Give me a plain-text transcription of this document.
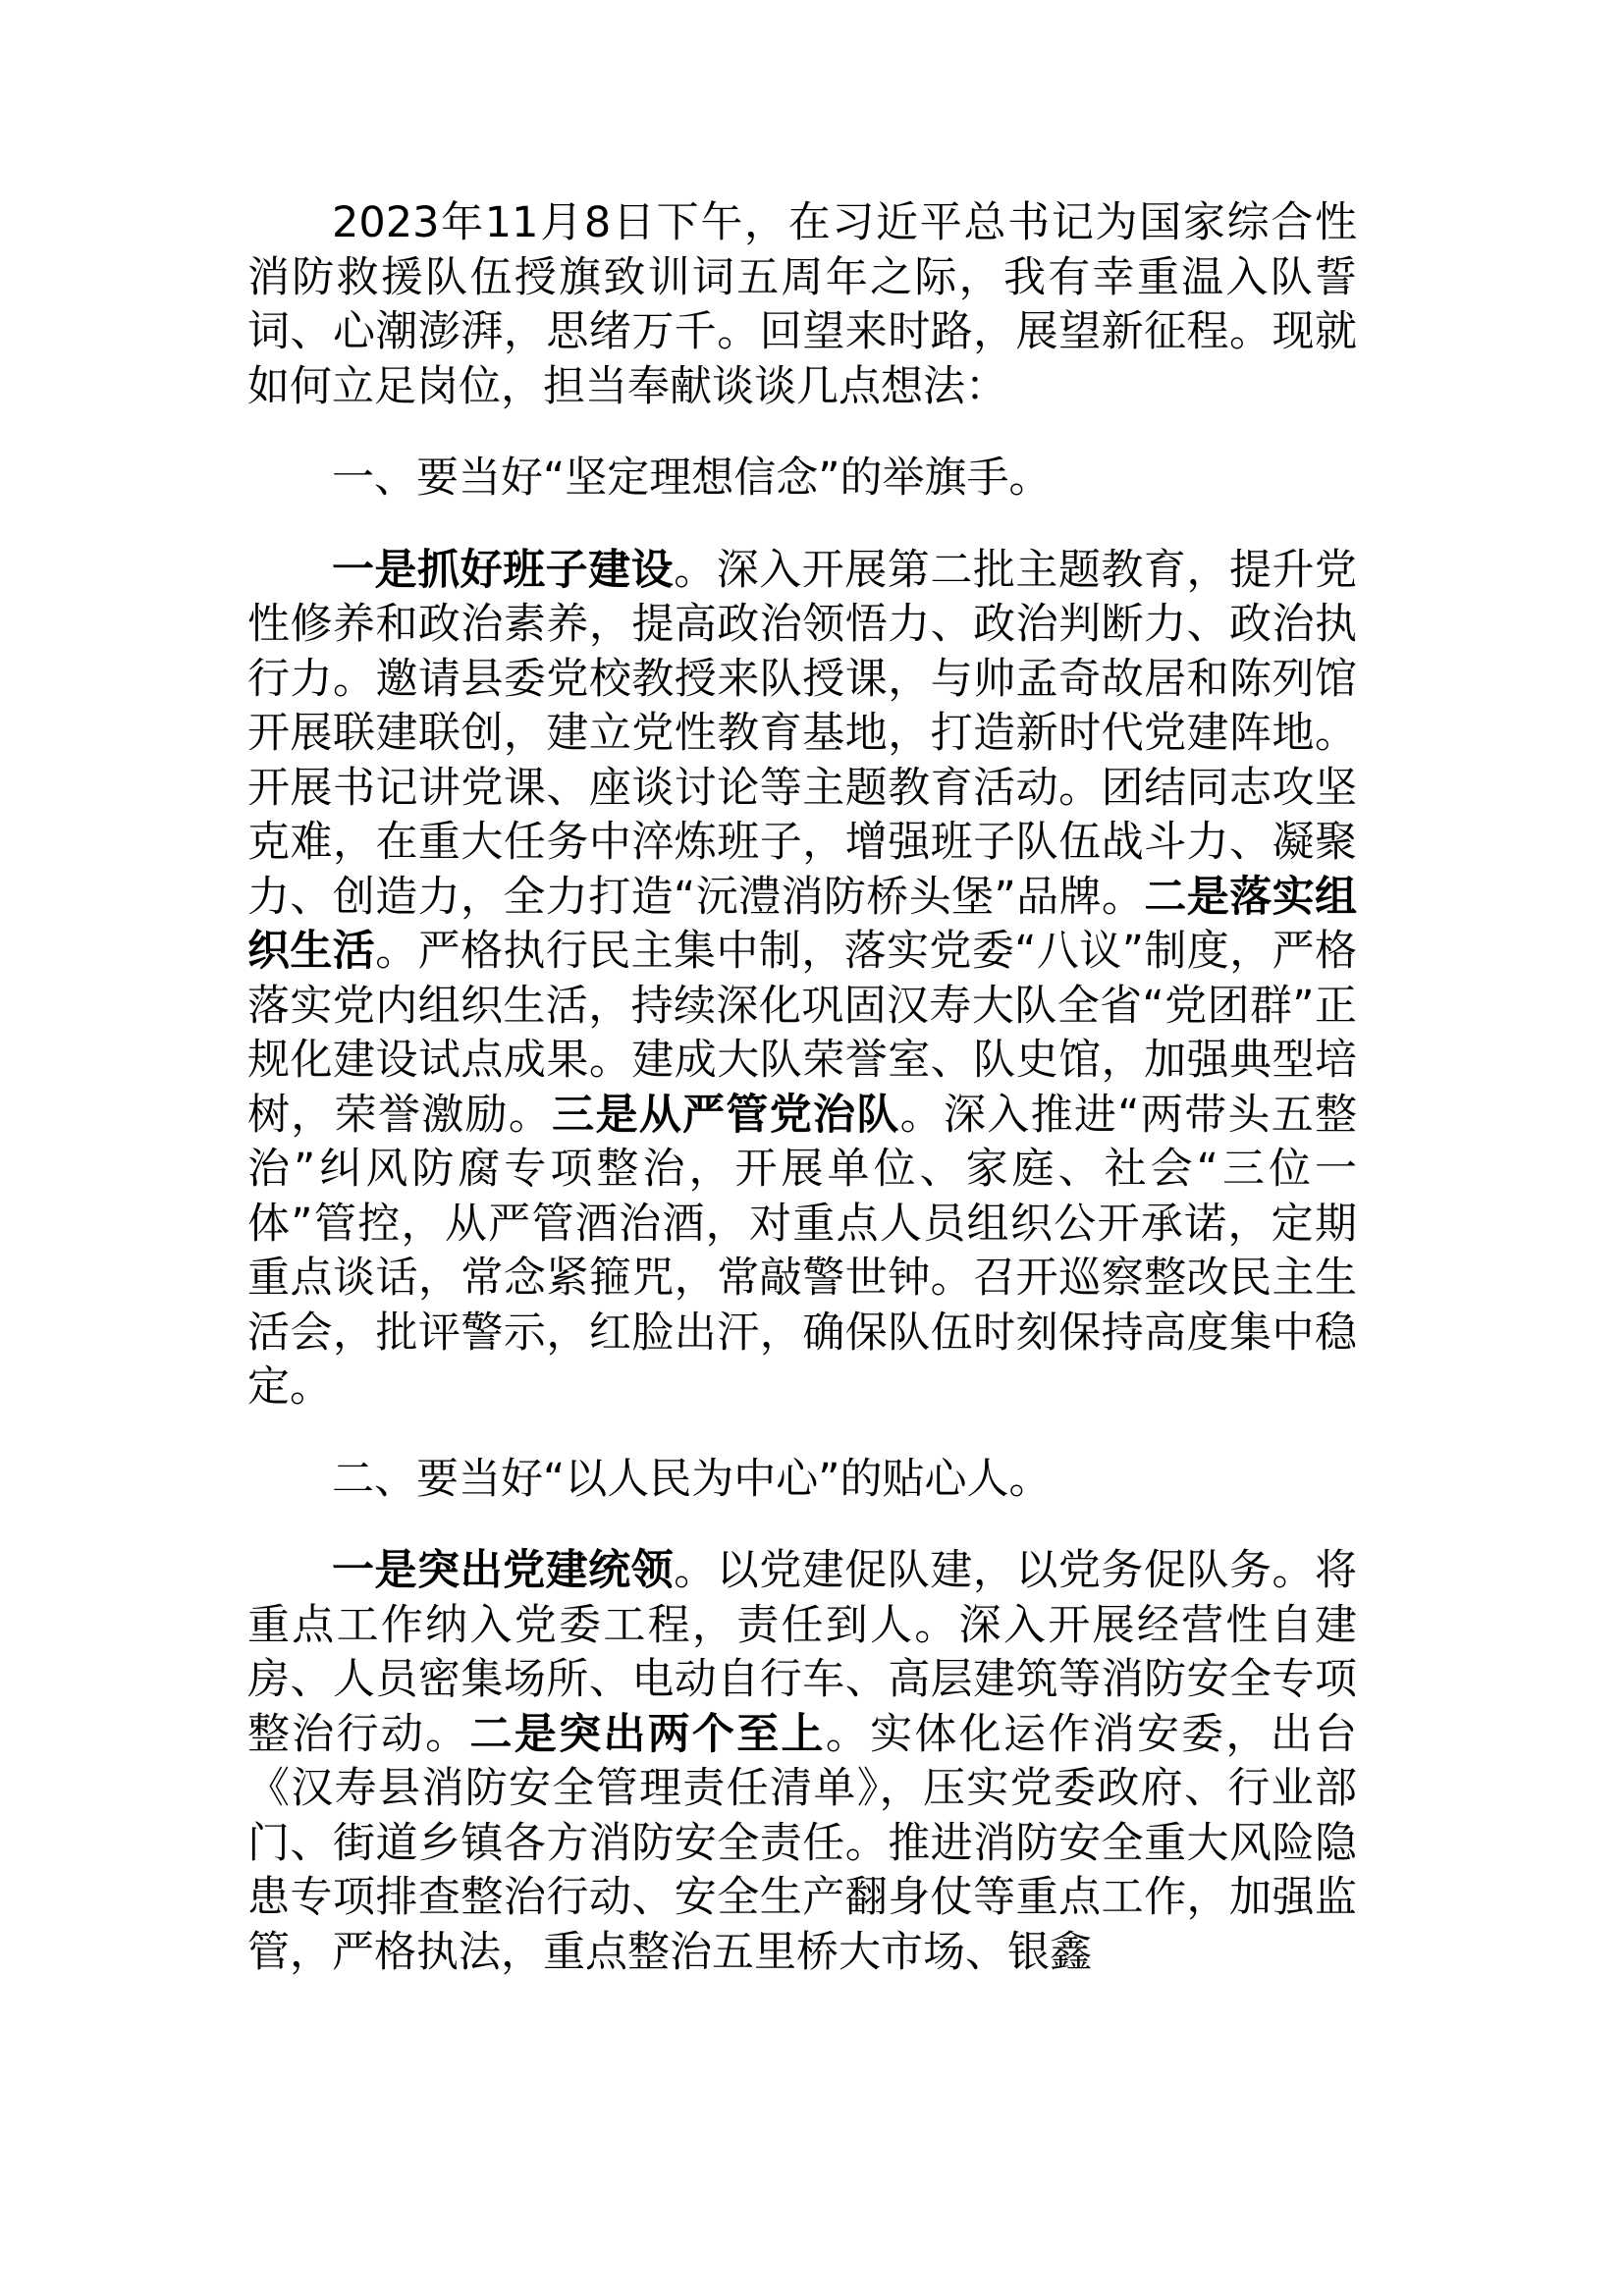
2023年11月8日下午，在习近平总书记为国家综合性消防救援队伍授旗致训词五周年之际，我有幸重温入队誓词、心潮澎湃，思绪万千。回望来时路，展望新征程。现就如何立足岗位，担当奉献谈谈几点想法：

一、要当好“坚定理想信念”的举旗手。

一是抓好班子建设。深入开展第二批主题教育，提升党性修养和政治素养，提高政治领悟力、政治判断力、政治执行力。邀请县委党校教授来队授课，与帅孟奇故居和陈列馆开展联建联创，建立党性教育基地，打造新时代党建阵地。开展书记讲党课、座谈讨论等主题教育活动。团结同志攻坚克难，在重大任务中淬炼班子，增强班子队伍战斗力、凝聚力、创造力，全力打造“沅澧消防桥头堡”品牌。二是落实组织生活。严格执行民主集中制，落实党委“八议”制度，严格落实党内组织生活，持续深化巩固汉寿大队全省“党团群”正规化建设试点成果。建成大队荣誉室、队史馆，加强典型培树，荣誉激励。三是从严管党治队。深入推进“两带头五整治”纠风防腐专项整治，开展单位、家庭、社会“三位一体”管控，从严管酒治酒，对重点人员组织公开承诺，定期重点谈话，常念紧箍咒，常敲警世钟。召开巡察整改民主生活会，批评警示，红脸出汗，确保队伍时刻保持高度集中稳定。

二、要当好“以人民为中心”的贴心人。

一是突出党建统领。以党建促队建，以党务促队务。将重点工作纳入党委工程，责任到人。深入开展经营性自建房、人员密集场所、电动自行车、高层建筑等消防安全专项整治行动。二是突出两个至上。实体化运作消安委，出台《汉寿县消防安全管理责任清单》，压实党委政府、行业部门、街道乡镇各方消防安全责任。推进消防安全重大风险隐患专项排查整治行动、安全生产翻身仗等重点工作，加强监管，严格执法，重点整治五里桥大市场、银鑫
